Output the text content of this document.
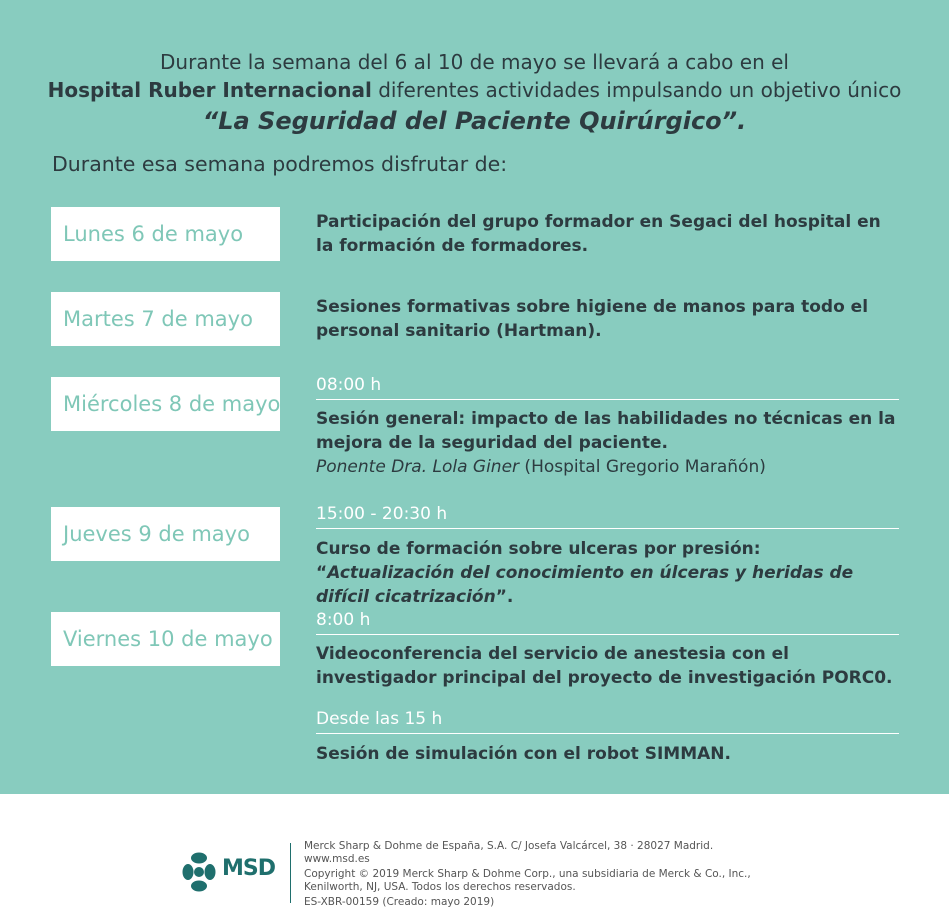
Durante la semana del 6 al 10 de mayo se llevará a cabo en el
Hospital Ruber Internacional diferentes actividades impulsando un objetivo único
“La Seguridad del Paciente Quirúrgico”.
Durante esa semana podremos disfrutar de:
Lunes 6 de mayo
Martes 7 de mayo
Miércoles 8 de mayo
Jueves 9 de mayo
Viernes 10 de mayo
Participación del grupo formador en Segaci del hospital en la formación de formadores.
Sesiones formativas sobre higiene de manos para todo el personal sanitario (Hartman).
08:00 h
Sesión general: impacto de las habilidades no técnicas en la mejora de la seguridad del paciente.
Ponente Dra. Lola Giner (Hospital Gregorio Marañón)
15:00 - 20:30 h
Curso de formación sobre ulceras por presión: “Actualización del conocimiento en úlceras y heridas de difícil cicatrización”.
8:00 h
Videoconferencia del servicio de anestesia con el investigador principal del proyecto de investigación PORC0.
Desde las 15 h
Sesión de simulación con el robot SIMMAN.
MSD
Merck Sharp & Dohme de España, S.A. C/ Josefa Valcárcel, 38 · 28027 Madrid. www.msd.es
Copyright © 2019 Merck Sharp & Dohme Corp., una subsidiaria de Merck & Co., Inc., Kenilworth, NJ, USA. Todos los derechos reservados.
ES-XBR-00159 (Creado: mayo 2019)
